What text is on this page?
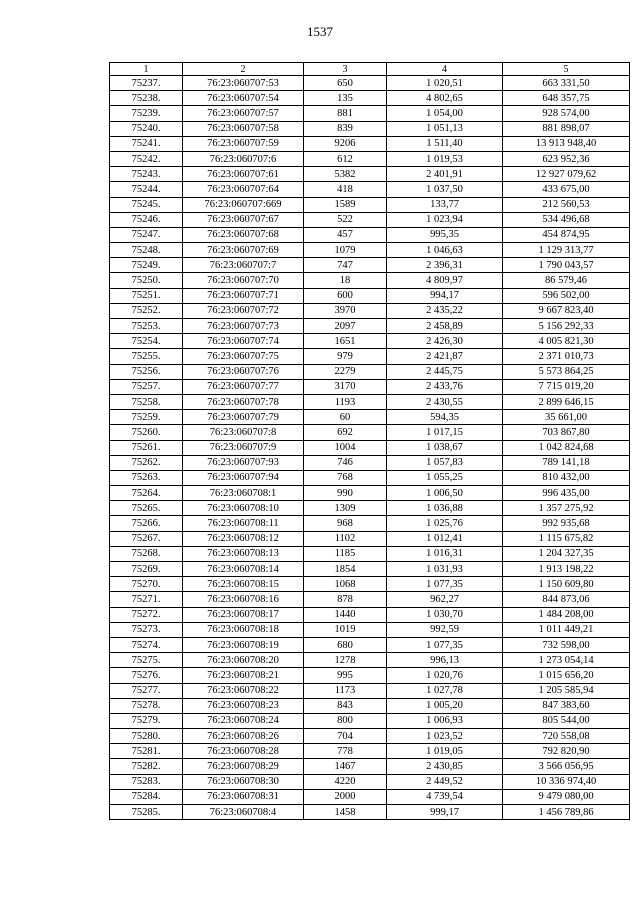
1537
1	2	3	4	5
75237.	76:23:060707:53	650	1 020,51	663 331,50
75238.	76:23:060707:54	135	4 802,65	648 357,75
75239.	76:23:060707:57	881	1 054,00	928 574,00
75240.	76:23:060707:58	839	1 051,13	881 898,07
75241.	76:23:060707:59	9206	1 511,40	13 913 948,40
75242.	76:23:060707:6	612	1 019,53	623 952,36
75243.	76:23:060707:61	5382	2 401,91	12 927 079,62
75244.	76:23:060707:64	418	1 037,50	433 675,00
75245.	76:23:060707:669	1589	133,77	212 560,53
75246.	76:23:060707:67	522	1 023,94	534 496,68
75247.	76:23:060707:68	457	995,35	454 874,95
75248.	76:23:060707:69	1079	1 046,63	1 129 313,77
75249.	76:23:060707:7	747	2 396,31	1 790 043,57
75250.	76:23:060707:70	18	4 809,97	86 579,46
75251.	76:23:060707:71	600	994,17	596 502,00
75252.	76:23:060707:72	3970	2 435,22	9 667 823,40
75253.	76:23:060707:73	2097	2 458,89	5 156 292,33
75254.	76:23:060707:74	1651	2 426,30	4 005 821,30
75255.	76:23:060707:75	979	2 421,87	2 371 010,73
75256.	76:23:060707:76	2279	2 445,75	5 573 864,25
75257.	76:23:060707:77	3170	2 433,76	7 715 019,20
75258.	76:23:060707:78	1193	2 430,55	2 899 646,15
75259.	76:23:060707:79	60	594,35	35 661,00
75260.	76:23:060707:8	692	1 017,15	703 867,80
75261.	76:23:060707:9	1004	1 038,67	1 042 824,68
75262.	76:23:060707:93	746	1 057,83	789 141,18
75263.	76:23:060707:94	768	1 055,25	810 432,00
75264.	76:23:060708:1	990	1 006,50	996 435,00
75265.	76:23:060708:10	1309	1 036,88	1 357 275,92
75266.	76:23:060708:11	968	1 025,76	992 935,68
75267.	76:23:060708:12	1102	1 012,41	1 115 675,82
75268.	76:23:060708:13	1185	1 016,31	1 204 327,35
75269.	76:23:060708:14	1854	1 031,93	1 913 198,22
75270.	76:23:060708:15	1068	1 077,35	1 150 609,80
75271.	76:23:060708:16	878	962,27	844 873,06
75272.	76:23:060708:17	1440	1 030,70	1 484 208,00
75273.	76:23:060708:18	1019	992,59	1 011 449,21
75274.	76:23:060708:19	680	1 077,35	732 598,00
75275.	76:23:060708:20	1278	996,13	1 273 054,14
75276.	76:23:060708:21	995	1 020,76	1 015 656,20
75277.	76:23:060708:22	1173	1 027,78	1 205 585,94
75278.	76:23:060708:23	843	1 005,20	847 383,60
75279.	76:23:060708:24	800	1 006,93	805 544,00
75280.	76:23:060708:26	704	1 023,52	720 558,08
75281.	76:23:060708:28	778	1 019,05	792 820,90
75282.	76:23:060708:29	1467	2 430,85	3 566 056,95
75283.	76:23:060708:30	4220	2 449,52	10 336 974,40
75284.	76:23:060708:31	2000	4 739,54	9 479 080,00
75285.	76:23:060708:4	1458	999,17	1 456 789,86
